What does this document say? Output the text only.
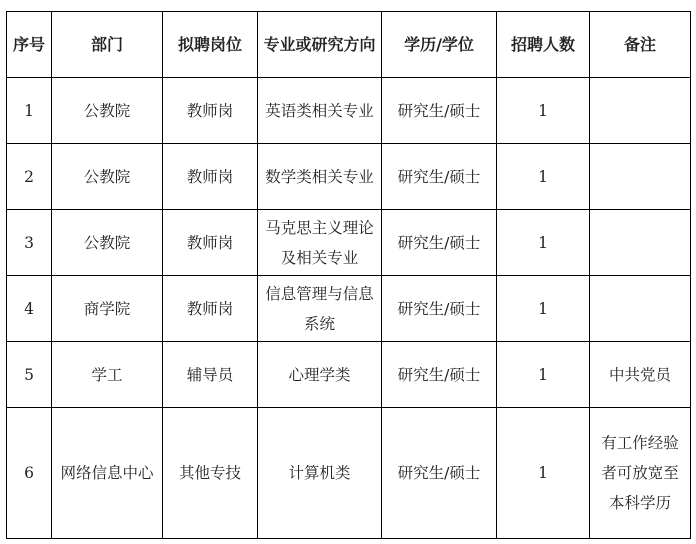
序号	部门	拟聘岗位	专业或研究方向	学历/学位	招聘人数	备注
1	公教院	教师岗	英语类相关专业	研究生/硕士	1	
2	公教院	教师岗	数学类相关专业	研究生/硕士	1	
3	公教院	教师岗	马克思主义理论及相关专业	研究生/硕士	1	
4	商学院	教师岗	信息管理与信息系统	研究生/硕士	1	
5	学工	辅导员	心理学类	研究生/硕士	1	中共党员
6	网络信息中心	其他专技	计算机类	研究生/硕士	1	有工作经验者可放宽至本科学历
